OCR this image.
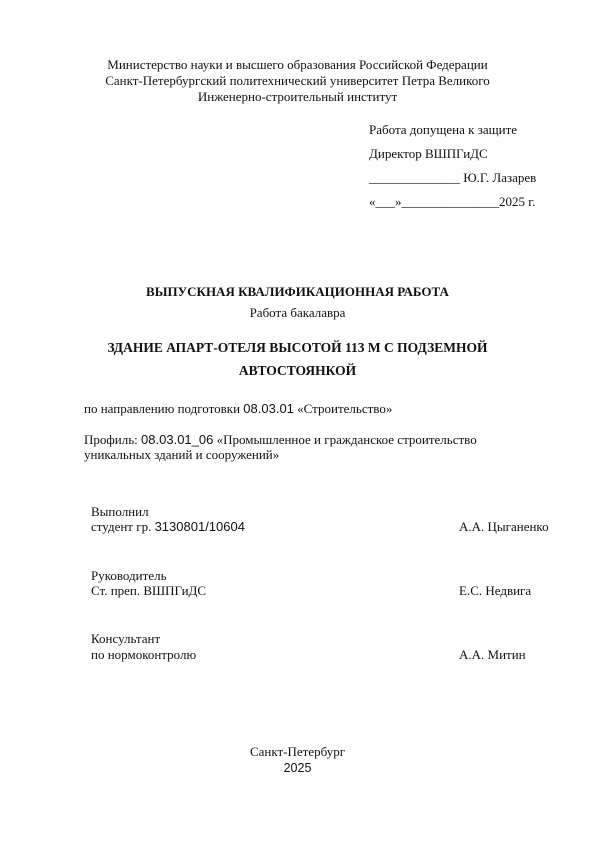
Министерство науки и высшего образования Российской Федерации
Санкт-Петербургский политехнический университет Петра Великого
Инженерно-строительный институт
Работа допущена к защите
Директор ВШПГиДС
______________ Ю.Г. Лазарев
«___»_______________2025 г.
ВЫПУСКНАЯ КВАЛИФИКАЦИОННАЯ РАБОТА
Работа бакалавра
ЗДАНИЕ АПАРТ-ОТЕЛЯ ВЫСОТОЙ 113 М С ПОДЗЕМНОЙ
АВТОСТОЯНКОЙ
по направлению подготовки 08.03.01 «Строительство»
Профиль: 08.03.01_06 «Промышленное и гражданское строительство
уникальных зданий и сооружений»
Выполнил
студент гр. 3130801/10604	А.А. Цыганенко
Руководитель
Ст. преп. ВШПГиДС	Е.С. Недвига
Консультант
по нормоконтролю	А.А. Митин
Санкт-Петербург
2025
